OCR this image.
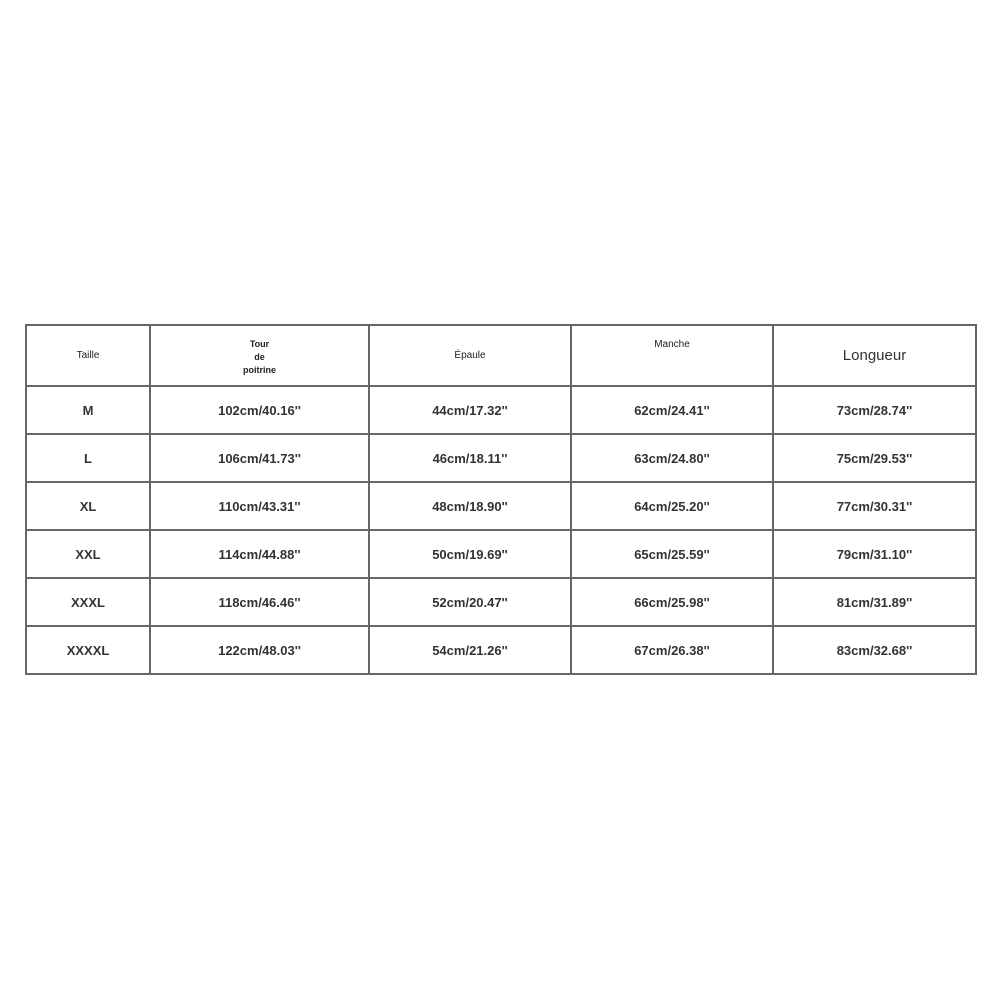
Taille	Tour
de
poitrine	Épaule	Manche	Longueur
M	102cm/40.16''	44cm/17.32''	62cm/24.41''	73cm/28.74''
L	106cm/41.73''	46cm/18.11''	63cm/24.80''	75cm/29.53''
XL	110cm/43.31''	48cm/18.90''	64cm/25.20''	77cm/30.31''
XXL	114cm/44.88''	50cm/19.69''	65cm/25.59''	79cm/31.10''
XXXL	118cm/46.46''	52cm/20.47''	66cm/25.98''	81cm/31.89''
XXXXL	122cm/48.03''	54cm/21.26''	67cm/26.38''	83cm/32.68''
